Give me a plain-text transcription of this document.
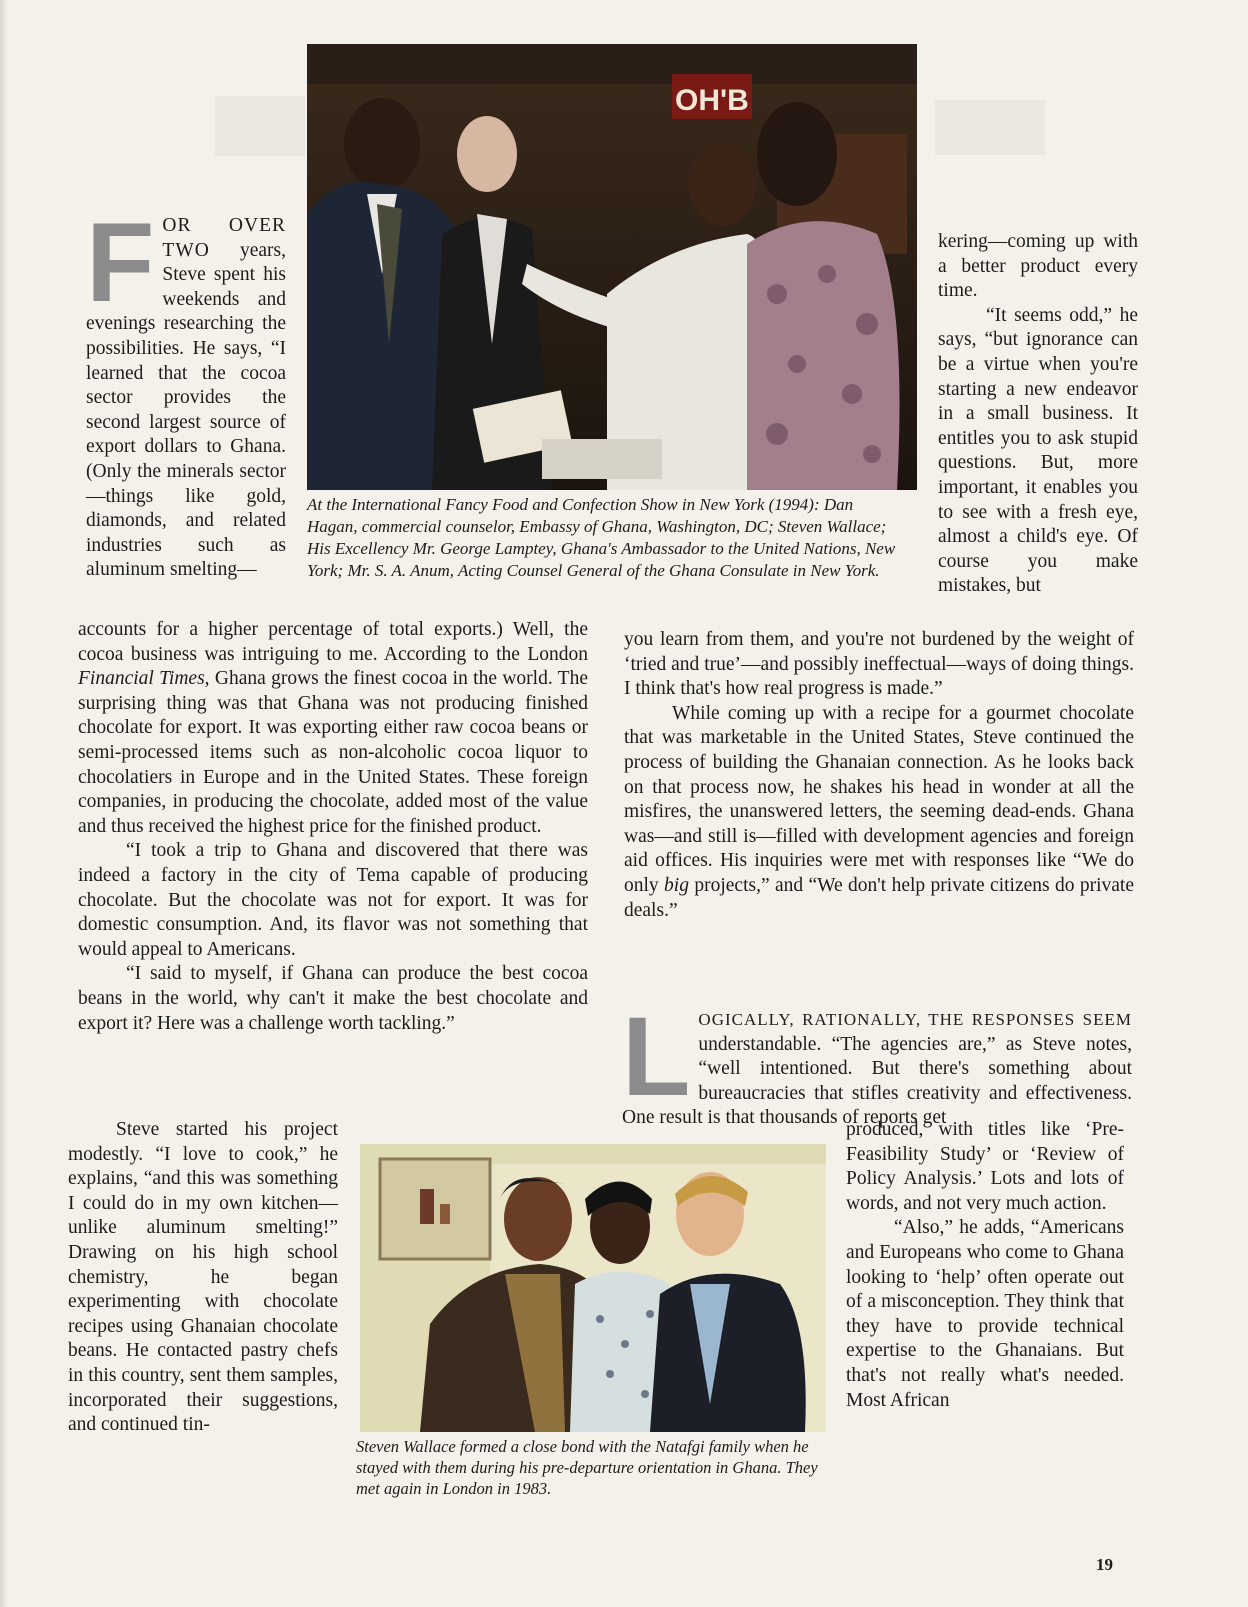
OH'B

At the International Fancy Food and Confection Show in New York (1994): Dan Hagan, commercial counselor, Embassy of Ghana, Washington, DC; Steven Wallace; His Excellency Mr. George Lamptey, Ghana's Ambassador to the United Nations, New York; Mr. S. A. Anum, Acting Counsel General of the Ghana Consulate in New York.

F OR OVER TWO years, Steve spent his weekends and evenings researching the possibilities. He says, “I learned that the cocoa sector provides the second largest source of export dollars to Ghana. (Only the minerals sector—things like gold, diamonds, and related industries such as aluminum smelting—

accounts for a higher percentage of total exports.) Well, the cocoa business was intriguing to me. According to the London Financial Times, Ghana grows the finest cocoa in the world. The surprising thing was that Ghana was not producing finished chocolate for export. It was exporting either raw cocoa beans or semi-processed items such as non-alcoholic cocoa liquor to chocolatiers in Europe and in the United States. These foreign companies, in producing the chocolate, added most of the value and thus received the highest price for the finished product.

“I took a trip to Ghana and discovered that there was indeed a factory in the city of Tema capable of producing chocolate. But the chocolate was not for export. It was for domestic consumption. And, its flavor was not something that would appeal to Americans.

“I said to myself, if Ghana can produce the best cocoa beans in the world, why can't it make the best chocolate and export it? Here was a challenge worth tackling.”

Steve started his project modestly. “I love to cook,” he explains, “and this was something I could do in my own kitchen—unlike aluminum smelting!” Drawing on his high school chemistry, he began experimenting with chocolate recipes using Ghanaian chocolate beans. He contacted pastry chefs in this country, sent them samples, incorporated their suggestions, and continued tin-

kering—coming up with a better product every time.

“It seems odd,” he says, “but ignorance can be a virtue when you're starting a new endeavor in a small business. It entitles you to ask stupid questions. But, more important, it enables you to see with a fresh eye, almost a child's eye. Of course you make mistakes, but

you learn from them, and you're not burdened by the weight of ‘tried and true’—and possibly ineffectual—ways of doing things. I think that's how real progress is made.”

While coming up with a recipe for a gourmet chocolate that was marketable in the United States, Steve continued the process of building the Ghanaian connection. As he looks back on that process now, he shakes his head in wonder at all the misfires, the unanswered letters, the seeming dead-ends. Ghana was—and still is—filled with development agencies and foreign aid offices. His inquiries were met with responses like “We do only big projects,” and “We don't help private citizens do private deals.”

L OGICALLY, RATIONALLY, THE RESPONSES SEEM understandable. “The agencies are,” as Steve notes, “well intentioned. But there's something about bureaucracies that stifles creativity and effectiveness. One result is that thousands of reports get

Steven Wallace formed a close bond with the Natafgi family when he stayed with them during his pre-departure orientation in Ghana. They met again in London in 1983.

produced, with titles like ‘Pre-Feasibility Study’ or ‘Review of Policy Analysis.’ Lots and lots of words, and not very much action.

“Also,” he adds, “Americans and Europeans who come to Ghana looking to ‘help’ often operate out of a misconception. They think that they have to provide technical expertise to the Ghanaians. But that's not really what's needed. Most African

19
